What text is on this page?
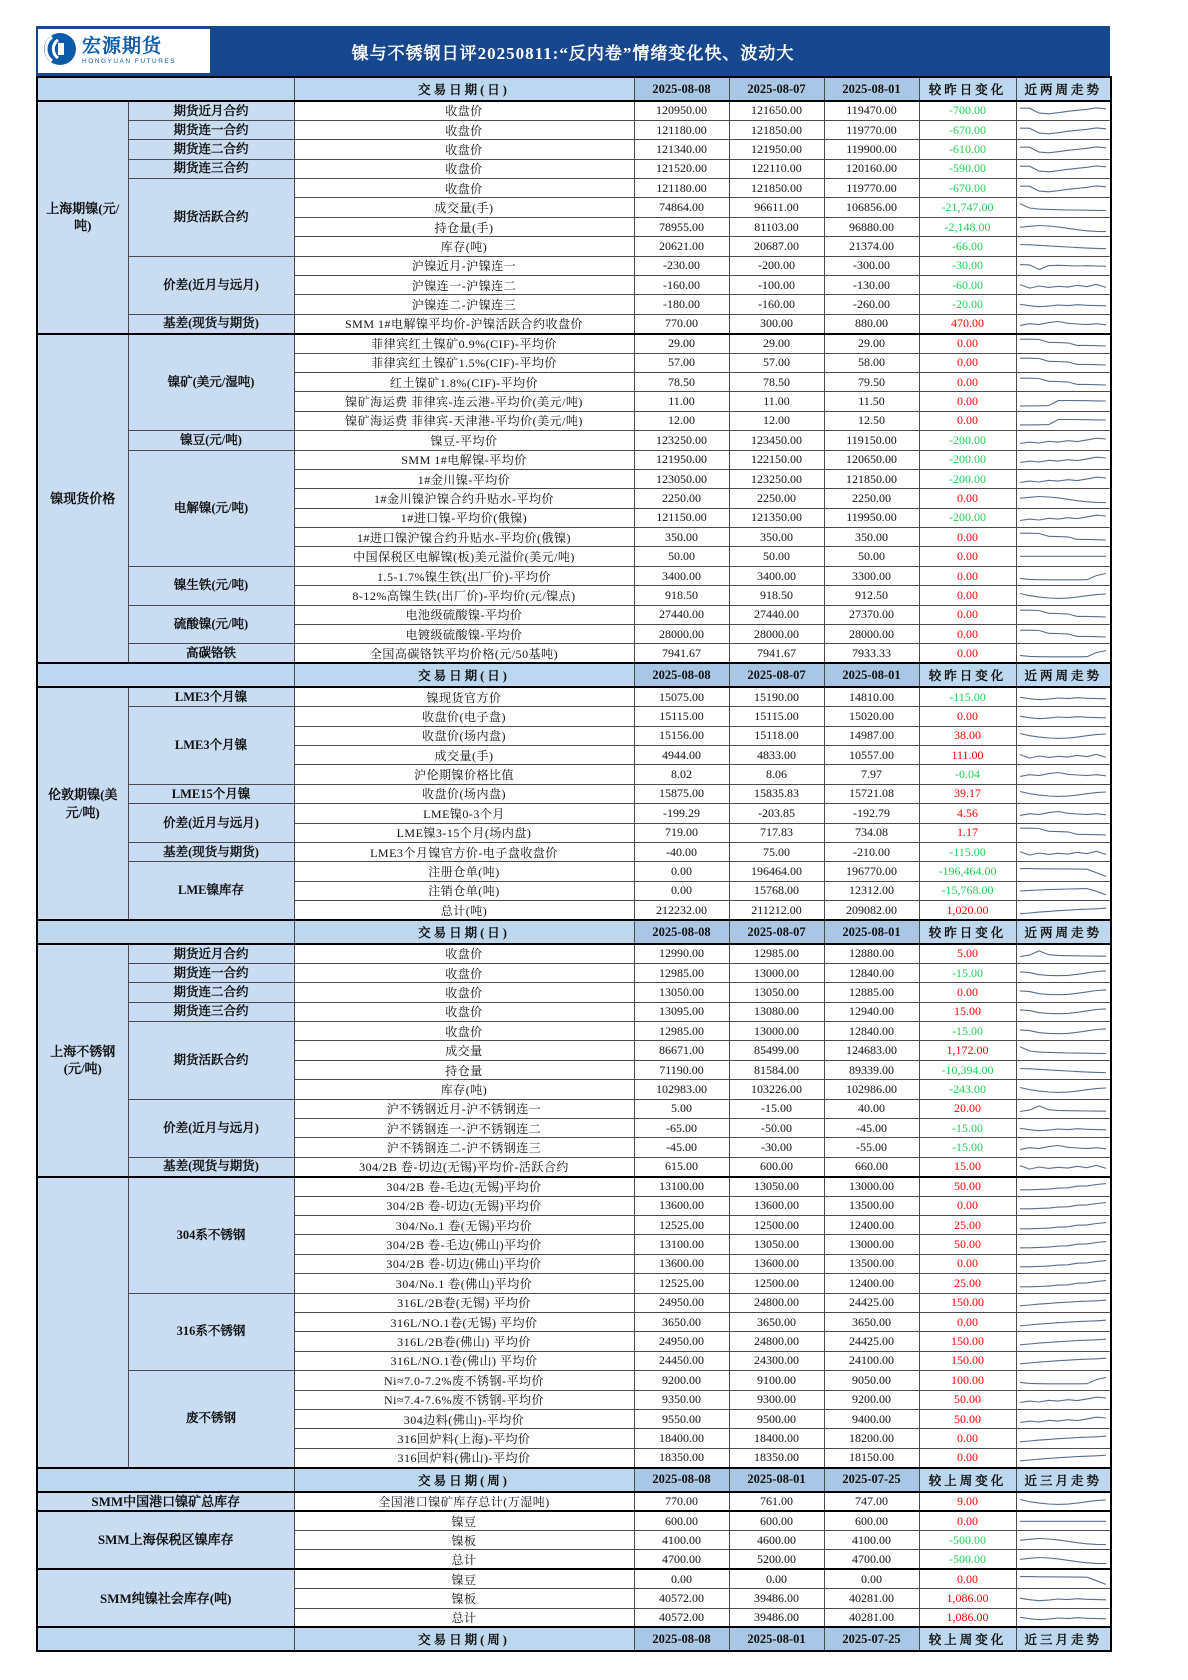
宏源期货
HONGYUAN FUTURES	镍与不锈钢日评20250811:“反内卷”情绪变化快、波动大
		交易日期(日)	2025-08-08	2025-08-07	2025-08-01	较昨日变化	近两周走势
上海期镍(元/吨)	期货近月合约	收盘价	120950.00	121650.00	119470.00	-700.00	

	期货连一合约	收盘价	121180.00	121850.00	119770.00	-670.00	

	期货连二合约	收盘价	121340.00	121950.00	119900.00	-610.00	

	期货连三合约	收盘价	121520.00	122110.00	120160.00	-590.00	

	期货活跃合约	收盘价	121180.00	121850.00	119770.00	-670.00	

		成交量(手)	74864.00	96611.00	106856.00	-21,747.00	

		持仓量(手)	78955.00	81103.00	96880.00	-2,148.00	

		库存(吨)	20621.00	20687.00	21374.00	-66.00	

	价差(近月与远月)	沪镍近月-沪镍连一	-230.00	-200.00	-300.00	-30.00	

		沪镍连一-沪镍连二	-160.00	-100.00	-130.00	-60.00	

		沪镍连二-沪镍连三	-180.00	-160.00	-260.00	-20.00	

	基差(现货与期货)	SMM 1#电解镍平均价-沪镍活跃合约收盘价	770.00	300.00	880.00	470.00	

镍现货价格	镍矿(美元/湿吨)	菲律宾红土镍矿0.9%(CIF)-平均价	29.00	29.00	29.00	0.00	

		菲律宾红土镍矿1.5%(CIF)-平均价	57.00	57.00	58.00	0.00	

		红土镍矿1.8%(CIF)-平均价	78.50	78.50	79.50	0.00	

		镍矿海运费 菲律宾-连云港-平均价(美元/吨)	11.00	11.00	11.50	0.00	

		镍矿海运费 菲律宾-天津港-平均价(美元/吨)	12.00	12.00	12.50	0.00	

	镍豆(元/吨)	镍豆-平均价	123250.00	123450.00	119150.00	-200.00	

	电解镍(元/吨)	SMM 1#电解镍-平均价	121950.00	122150.00	120650.00	-200.00	

		1#金川镍-平均价	123050.00	123250.00	121850.00	-200.00	

		1#金川镍沪镍合约升贴水-平均价	2250.00	2250.00	2250.00	0.00	

		1#进口镍-平均价(俄镍)	121150.00	121350.00	119950.00	-200.00	

		1#进口镍沪镍合约升贴水-平均价(俄镍)	350.00	350.00	350.00	0.00	

		中国保税区电解镍(板)美元溢价(美元/吨)	50.00	50.00	50.00	0.00	

	镍生铁(元/吨)	1.5-1.7%镍生铁(出厂价)-平均价	3400.00	3400.00	3300.00	0.00	

		8-12%高镍生铁(出厂价)-平均价(元/镍点)	918.50	918.50	912.50	0.00	

	硫酸镍(元/吨)	电池级硫酸镍-平均价	27440.00	27440.00	27370.00	0.00	

		电镀级硫酸镍-平均价	28000.00	28000.00	28000.00	0.00	

	高碳铬铁	全国高碳铬铁平均价格(元/50基吨)	7941.67	7941.67	7933.33	0.00	

		交易日期(日)	2025-08-08	2025-08-07	2025-08-01	较昨日变化	近两周走势
伦敦期镍(美元/吨)	LME3个月镍	镍现货官方价	15075.00	15190.00	14810.00	-115.00	

	LME3个月镍	收盘价(电子盘)	15115.00	15115.00	15020.00	0.00	

		收盘价(场内盘)	15156.00	15118.00	14987.00	38.00	

		成交量(手)	4944.00	4833.00	10557.00	111.00	

		沪伦期镍价格比值	8.02	8.06	7.97	-0.04	

	LME15个月镍	收盘价(场内盘)	15875.00	15835.83	15721.08	39.17	

	价差(近月与远月)	LME镍0-3个月	-199.29	-203.85	-192.79	4.56	

		LME镍3-15个月(场内盘)	719.00	717.83	734.08	1.17	

	基差(现货与期货)	LME3个月镍官方价-电子盘收盘价	-40.00	75.00	-210.00	-115.00	

	LME镍库存	注册仓单(吨)	0.00	196464.00	196770.00	-196,464.00	

		注销仓单(吨)	0.00	15768.00	12312.00	-15,768.00	

		总计(吨)	212232.00	211212.00	209082.00	1,020.00	

		交易日期(日)	2025-08-08	2025-08-07	2025-08-01	较昨日变化	近两周走势
上海不锈钢(元/吨)	期货近月合约	收盘价	12990.00	12985.00	12880.00	5.00	

	期货连一合约	收盘价	12985.00	13000.00	12840.00	-15.00	

	期货连二合约	收盘价	13050.00	13050.00	12885.00	0.00	

	期货连三合约	收盘价	13095.00	13080.00	12940.00	15.00	

	期货活跃合约	收盘价	12985.00	13000.00	12840.00	-15.00	

		成交量	86671.00	85499.00	124683.00	1,172.00	

		持仓量	71190.00	81584.00	89339.00	-10,394.00	

		库存(吨)	102983.00	103226.00	102986.00	-243.00	

	价差(近月与远月)	沪不锈钢近月-沪不锈钢连一	5.00	-15.00	40.00	20.00	

		沪不锈钢连一-沪不锈钢连二	-65.00	-50.00	-45.00	-15.00	

		沪不锈钢连二-沪不锈钢连三	-45.00	-30.00	-55.00	-15.00	

	基差(现货与期货)	304/2B 卷-切边(无锡)平均价-活跃合约	615.00	600.00	660.00	15.00	

	304系不锈钢	304/2B 卷-毛边(无锡)平均价	13100.00	13050.00	13000.00	50.00	

		304/2B 卷-切边(无锡)平均价	13600.00	13600.00	13500.00	0.00	

		304/No.1 卷(无锡)平均价	12525.00	12500.00	12400.00	25.00	

		304/2B 卷-毛边(佛山)平均价	13100.00	13050.00	13000.00	50.00	

		304/2B 卷-切边(佛山)平均价	13600.00	13600.00	13500.00	0.00	

		304/No.1 卷(佛山)平均价	12525.00	12500.00	12400.00	25.00	

	316系不锈钢	316L/2B卷(无锡) 平均价	24950.00	24800.00	24425.00	150.00	

		316L/NO.1卷(无锡) 平均价	3650.00	3650.00	3650.00	0.00	

		316L/2B卷(佛山) 平均价	24950.00	24800.00	24425.00	150.00	

		316L/NO.1卷(佛山) 平均价	24450.00	24300.00	24100.00	150.00	

	废不锈钢	Ni≈7.0-7.2%废不锈钢-平均价	9200.00	9100.00	9050.00	100.00	

		Ni≈7.4-7.6%废不锈钢-平均价	9350.00	9300.00	9200.00	50.00	

		304边料(佛山)-平均价	9550.00	9500.00	9400.00	50.00	

		316回炉料(上海)-平均价	18400.00	18400.00	18200.00	0.00	

		316回炉料(佛山)-平均价	18350.00	18350.00	18150.00	0.00	

		交易日期(周)	2025-08-08	2025-08-01	2025-07-25	较上周变化	近三月走势
SMM中国港口镍矿总库存		全国港口镍矿库存总计(万湿吨)	770.00	761.00	747.00	9.00	

SMM上海保税区镍库存		镍豆	600.00	600.00	600.00	0.00	

		镍板	4100.00	4600.00	4100.00	-500.00	

		总计	4700.00	5200.00	4700.00	-500.00	

SMM纯镍社会库存(吨)		镍豆	0.00	0.00	0.00	0.00	

		镍板	40572.00	39486.00	40281.00	1,086.00	

		总计	40572.00	39486.00	40281.00	1,086.00	

		交易日期(周)	2025-08-08	2025-08-01	2025-07-25	较上周变化	近三月走势
